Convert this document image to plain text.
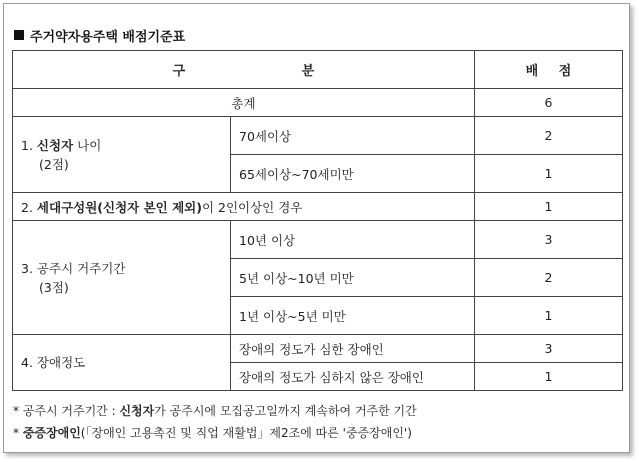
주거약자용주택 배점기준표
구 분		배 점
총계		6

1. 신청자 나이
(2점)	70세이상	2
	65세이상~70세미만	1
2. 세대구성원(신청자 본인 제외)이 2인이상인 경우		1

3. 공주시 거주기간
(3점)	10년 이상	3
	5년 이상~10년 미만	2
	1년 이상~5년 미만	1

4. 장애정도	장애의 정도가 심한 장애인	3
	장애의 정도가 심하지 않은 장애인	1
* 공주시 거주기간 : 신청자가 공주시에 모집공고일까지 계속하여 거주한 기간
* 중증장애인(「장애인 고용촉진 및 직업 재활법」제2조에 따른 '중증장애인')
